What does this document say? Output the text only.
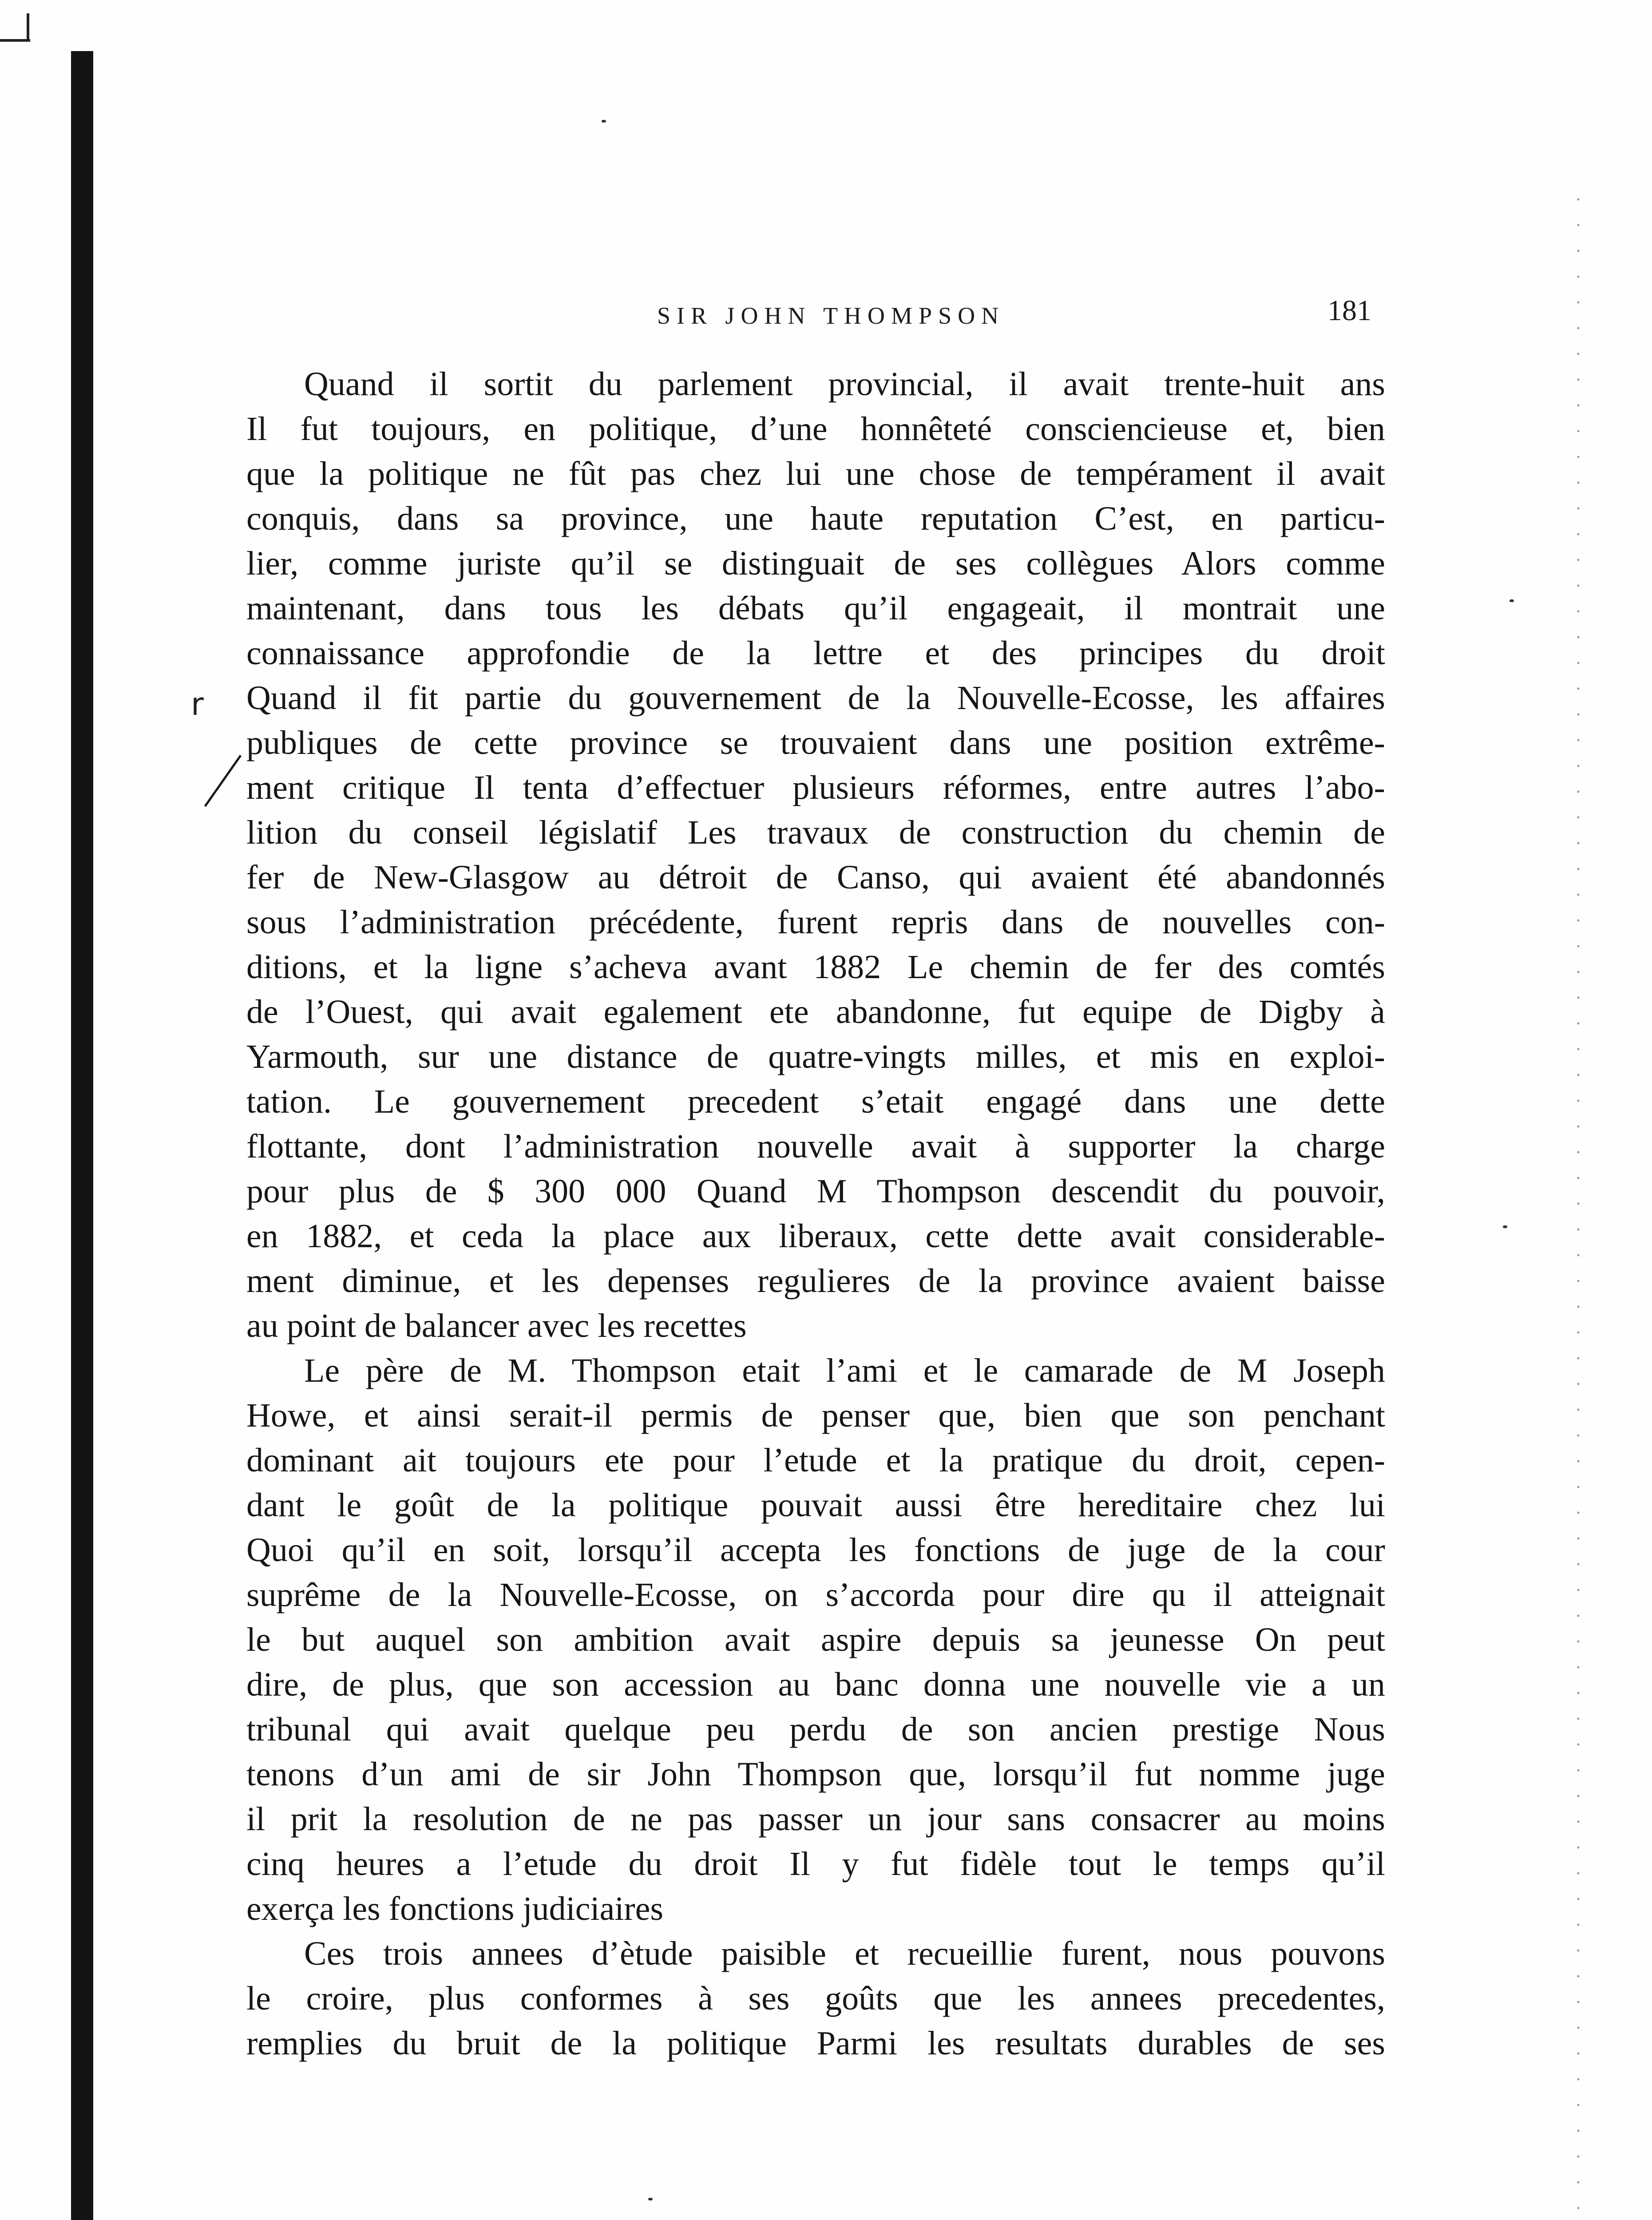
SIR JOHN THOMPSON	181
r
Quand il sortit du parlement provincial, il avait trente-huit ans
Il fut toujours, en politique, d’une honnêteté consciencieuse et, bien
que la politique ne fût pas chez lui une chose de tempérament il avait
conquis, dans sa province, une haute reputation C’est, en particu-
lier, comme juriste qu’il se distinguait de ses collègues Alors comme
maintenant, dans tous les débats qu’il engageait, il montrait une
connaissance approfondie de la lettre et des principes du droit
Quand il fit partie du gouvernement de la Nouvelle-Ecosse, les affaires
publiques de cette province se trouvaient dans une position extrême-
ment critique Il tenta d’effectuer plusieurs réformes, entre autres l’abo-
lition du conseil législatif Les travaux de construction du chemin de
fer de New-Glasgow au détroit de Canso, qui avaient été abandonnés
sous l’administration précédente, furent repris dans de nouvelles con-
ditions, et la ligne s’acheva avant 1882 Le chemin de fer des comtés
de l’Ouest, qui avait egalement ete abandonne, fut equipe de Digby à
Yarmouth, sur une distance de quatre-vingts milles, et mis en exploi-
tation. Le gouvernement precedent s’etait engagé dans une dette
flottante, dont l’administration nouvelle avait à supporter la charge
pour plus de $ 300 000 Quand M Thompson descendit du pouvoir,
en 1882, et ceda la place aux liberaux, cette dette avait considerable-
ment diminue, et les depenses regulieres de la province avaient baisse
au point de balancer avec les recettes
Le père de M. Thompson etait l’ami et le camarade de M Joseph
Howe, et ainsi serait-il permis de penser que, bien que son penchant
dominant ait toujours ete pour l’etude et la pratique du droit, cepen-
dant le goût de la politique pouvait aussi être hereditaire chez lui
Quoi qu’il en soit, lorsqu’il accepta les fonctions de juge de la cour
suprême de la Nouvelle-Ecosse, on s’accorda pour dire qu il atteignait
le but auquel son ambition avait aspire depuis sa jeunesse On peut
dire, de plus, que son accession au banc donna une nouvelle vie a un
tribunal qui avait quelque peu perdu de son ancien prestige Nous
tenons d’un ami de sir John Thompson que, lorsqu’il fut nomme juge
il prit la resolution de ne pas passer un jour sans consacrer au moins
cinq heures a l’etude du droit Il y fut fidèle tout le temps qu’il
exerça les fonctions judiciaires
Ces trois annees d’ètude paisible et recueillie furent, nous pouvons
le croire, plus conformes à ses goûts que les annees precedentes,
remplies du bruit de la politique Parmi les resultats durables de ses
